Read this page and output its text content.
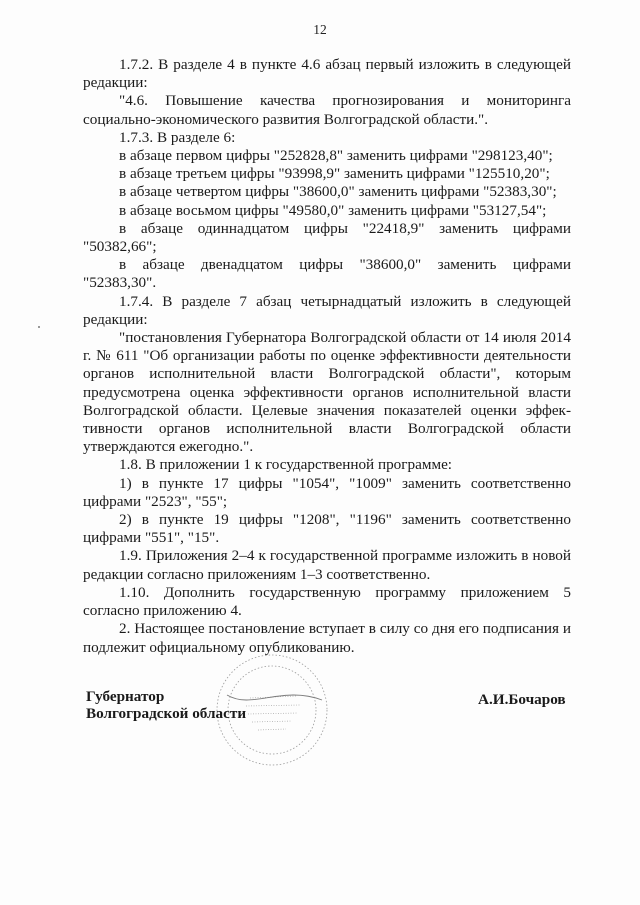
12

1.7.2. В разделе 4 в пункте 4.6 абзац первый изложить в следующей редакции:

"4.6. Повышение качества прогнозирования и мониторинга социально-экономического развития Волгоградской области.".

1.7.3. В разделе 6:

в абзаце первом цифры "252828,8" заменить цифрами "298123,40";

в абзаце третьем цифры "93998,9" заменить цифрами "125510,20";

в абзаце четвертом цифры "38600,0" заменить цифрами "52383,30";

в абзаце восьмом цифры "49580,0" заменить цифрами "53127,54";

в абзаце одиннадцатом цифры "22418,9" заменить цифрами "50382,66";

в абзаце двенадцатом цифры "38600,0" заменить цифрами "52383,30".

1.7.4. В разделе 7 абзац четырнадцатый изложить в следующей редакции:

"постановления Губернатора Волгоградской области от 14 июля 2014 г. № 611 "Об организации работы по оценке эффективности деятельности органов исполнительной власти Волгоградской области", которым предусмотрена оценка эффективности органов исполнительной власти Волгоградской области. Целевые значения показателей оценки эффек-тивности органов исполнительной власти Волгоградской области утверждаются ежегодно.".

1.8. В приложении 1 к государственной программе:

1) в пункте 17 цифры "1054", "1009" заменить соответственно цифрами "2523", "55";

2) в пункте 19 цифры "1208", "1196" заменить соответственно цифрами "551", "15".

1.9. Приложения 2–4 к государственной программе изложить в новой редакции согласно приложениям 1–3 соответственно.

1.10. Дополнить государственную программу приложением 5 согласно приложению 4.

2. Настоящее постановление вступает в силу со дня его подписания и подлежит официальному опубликованию.

Губернатор
Волгоградской области
А.И.Бочаров
